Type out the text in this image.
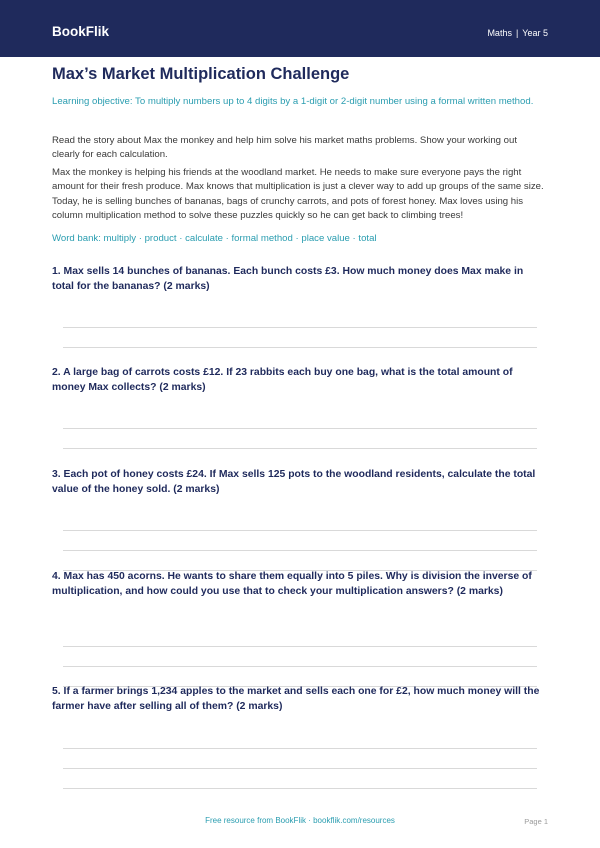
BookFlik	Maths | Year 5
Max’s Market Multiplication Challenge
Learning objective: To multiply numbers up to 4 digits by a 1-digit or 2-digit number using a formal written method.
Read the story about Max the monkey and help him solve his market maths problems. Show your working out clearly for each calculation.
Max the monkey is helping his friends at the woodland market. He needs to make sure everyone pays the right amount for their fresh produce. Max knows that multiplication is just a clever way to add up groups of the same size. Today, he is selling bunches of bananas, bags of crunchy carrots, and pots of forest honey. Max loves using his column multiplication method to solve these puzzles quickly so he can get back to climbing trees!
Word bank: multiply · product · calculate · formal method · place value · total
1. Max sells 14 bunches of bananas. Each bunch costs £3. How much money does Max make in total for the bananas? (2 marks)
2. A large bag of carrots costs £12. If 23 rabbits each buy one bag, what is the total amount of money Max collects? (2 marks)
3. Each pot of honey costs £24. If Max sells 125 pots to the woodland residents, calculate the total value of the honey sold. (2 marks)
4. Max has 450 acorns. He wants to share them equally into 5 piles. Why is division the inverse of multiplication, and how could you use that to check your multiplication answers? (2 marks)
5. If a farmer brings 1,234 apples to the market and sells each one for £2, how much money will the farmer have after selling all of them? (2 marks)
Free resource from BookFlik · bookflik.com/resources	Page 1
